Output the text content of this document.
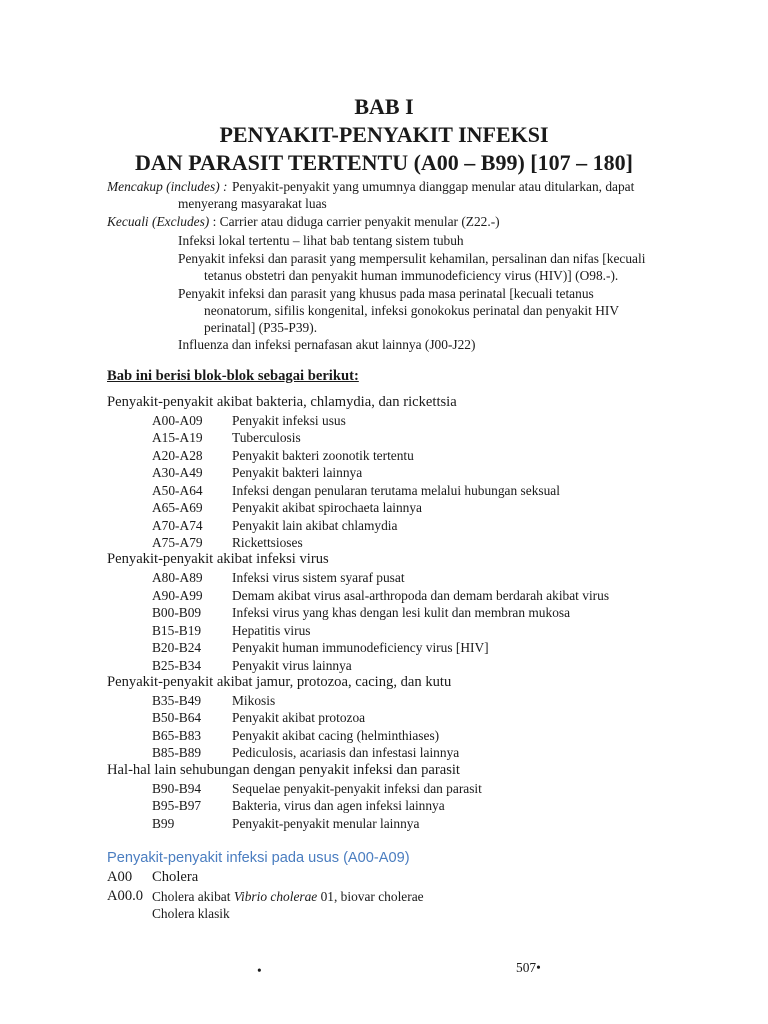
BAB I
PENYAKIT-PENYAKIT INFEKSI
DAN PARASIT TERTENTU (A00 – B99) [107 – 180]
Mencakup (includes) : Penyakit-penyakit yang umumnya dianggap menular atau ditularkan, dapat
menyerang masyarakat luas
Kecuali (Excludes) : Carrier atau diduga carrier penyakit menular (Z22.-)
Infeksi lokal tertentu – lihat bab tentang sistem tubuh
Penyakit infeksi dan parasit yang mempersulit kehamilan, persalinan dan nifas [kecuali
tetanus obstetri dan penyakit human immunodeficiency virus (HIV)] (O98.-).
Penyakit infeksi dan parasit yang khusus pada masa perinatal [kecuali tetanus
neonatorum, sifilis kongenital, infeksi gonokokus perinatal dan penyakit HIV
perinatal] (P35-P39).
Influenza dan infeksi pernafasan akut lainnya (J00-J22)
Bab ini berisi blok-blok sebagai berikut:
Penyakit-penyakit akibat bakteria, chlamydia, dan rickettsia
A00-A09 Penyakit infeksi usus
A15-A19 Tuberculosis
A20-A28 Penyakit bakteri zoonotik tertentu
A30-A49 Penyakit bakteri lainnya
A50-A64 Infeksi dengan penularan terutama melalui hubungan seksual
A65-A69 Penyakit akibat spirochaeta lainnya
A70-A74 Penyakit lain akibat chlamydia
A75-A79 Rickettsioses
Penyakit-penyakit akibat infeksi virus
A80-A89 Infeksi virus sistem syaraf pusat
A90-A99 Demam akibat virus asal-arthropoda dan demam berdarah akibat virus
B00-B09 Infeksi virus yang khas dengan lesi kulit dan membran mukosa
B15-B19 Hepatitis virus
B20-B24 Penyakit human immunodeficiency virus [HIV]
B25-B34 Penyakit virus lainnya
Penyakit-penyakit akibat jamur, protozoa, cacing, dan kutu
B35-B49 Mikosis
B50-B64 Penyakit akibat protozoa
B65-B83 Penyakit akibat cacing (helminthiases)
B85-B89 Pediculosis, acariasis dan infestasi lainnya
Hal-hal lain sehubungan dengan penyakit infeksi dan parasit
B90-B94 Sequelae penyakit-penyakit infeksi dan parasit
B95-B97 Bakteria, virus dan agen infeksi lainnya
B99	Penyakit-penyakit menular lainnya
Penyakit-penyakit infeksi pada usus (A00-A09)
A00 Cholera
A00.0 Cholera akibat Vibrio cholerae 01, biovar cholerae
Cholera klasik
•	507•
